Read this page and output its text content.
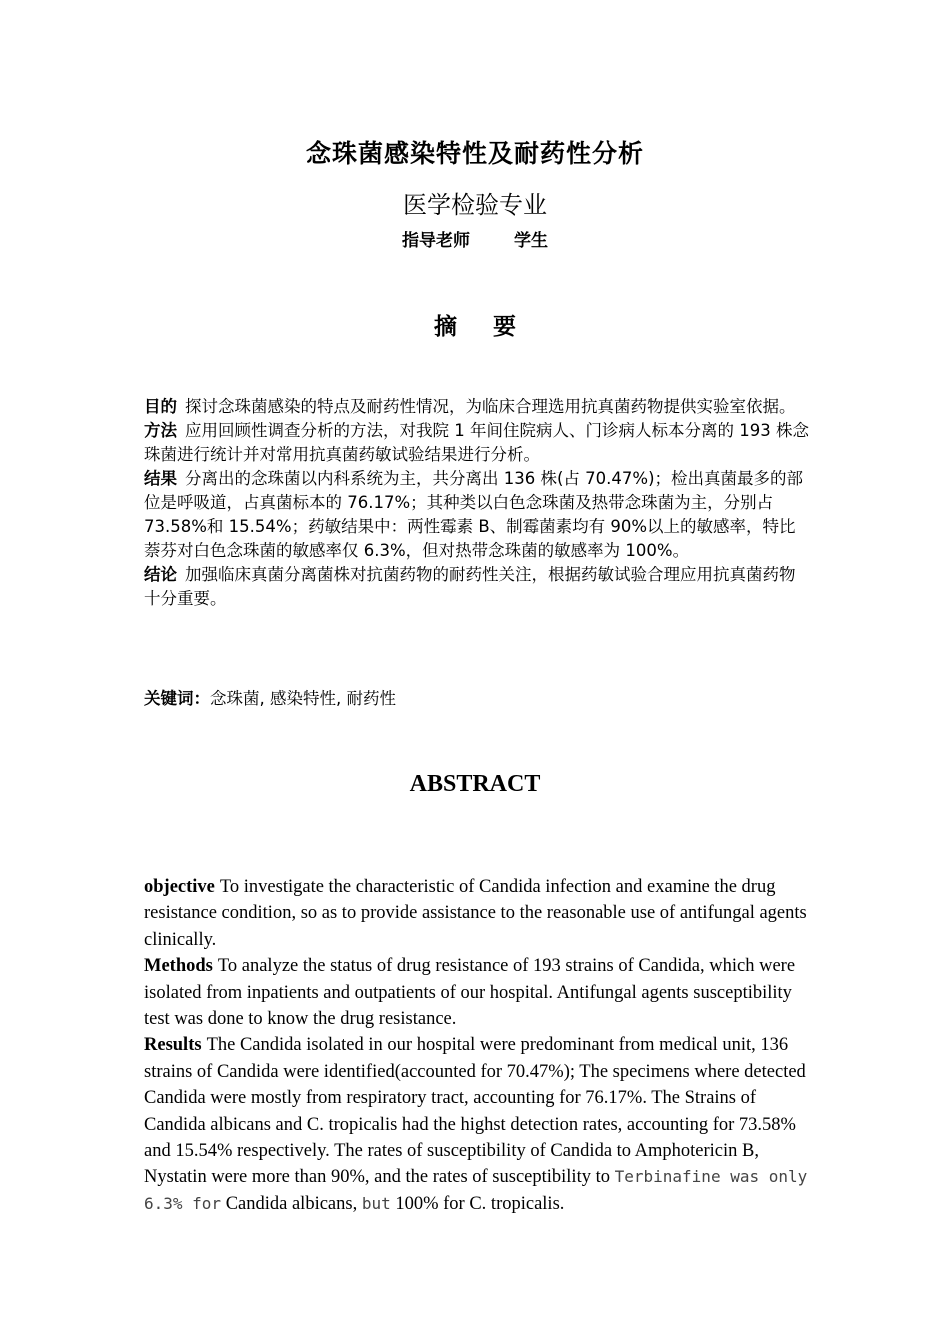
念珠菌感染特性及耐药性分析
医学检验专业
指导老师	学生
摘 要

目的 探讨念珠菌感染的特点及耐药性情况，为临床合理选用抗真菌药物提供实验室依据。

方法 应用回顾性调查分析的方法，对我院 1 年间住院病人、门诊病人标本分离的 193 株念珠菌进行统计并对常用抗真菌药敏试验结果进行分析。

结果 分离出的念珠菌以内科系统为主，共分离出 136 株(占 70.47%)；检出真菌最多的部位是呼吸道，占真菌标本的 76.17%；其种类以白色念珠菌及热带念珠菌为主，分别占 73.58%和 15.54%；药敏结果中：两性霉素 B、制霉菌素均有 90%以上的敏感率，特比萘芬对白色念珠菌的敏感率仅 6.3%，但对热带念珠菌的敏感率为 100%。

结论 加强临床真菌分离菌株对抗菌药物的耐药性关注，根据药敏试验合理应用抗真菌药物十分重要。

关键词：念珠菌, 感染特性, 耐药性
ABSTRACT

objective To investigate the characteristic of Candida infection and examine the drug resistance condition, so as to provide assistance to the reasonable use of antifungal agents clinically.

Methods To analyze the status of drug resistance of 193 strains of Candida, which were isolated from inpatients and outpatients of our hospital. Antifungal agents susceptibility test was done to know the drug resistance.

Results The Candida isolated in our hospital were predominant from medical unit, 136 strains of Candida were identified(accounted for 70.47%); The specimens where detected Candida were mostly from respiratory tract, accounting for 76.17%. The Strains of Candida albicans and C. tropicalis had the highst detection rates, accounting for 73.58% and 15.54% respectively. The rates of susceptibility of Candida to Amphotericin B, Nystatin were more than 90%, and the rates of susceptibility to Terbinafine was only 6.3% for Candida albicans, but 100% for C. tropicalis.
